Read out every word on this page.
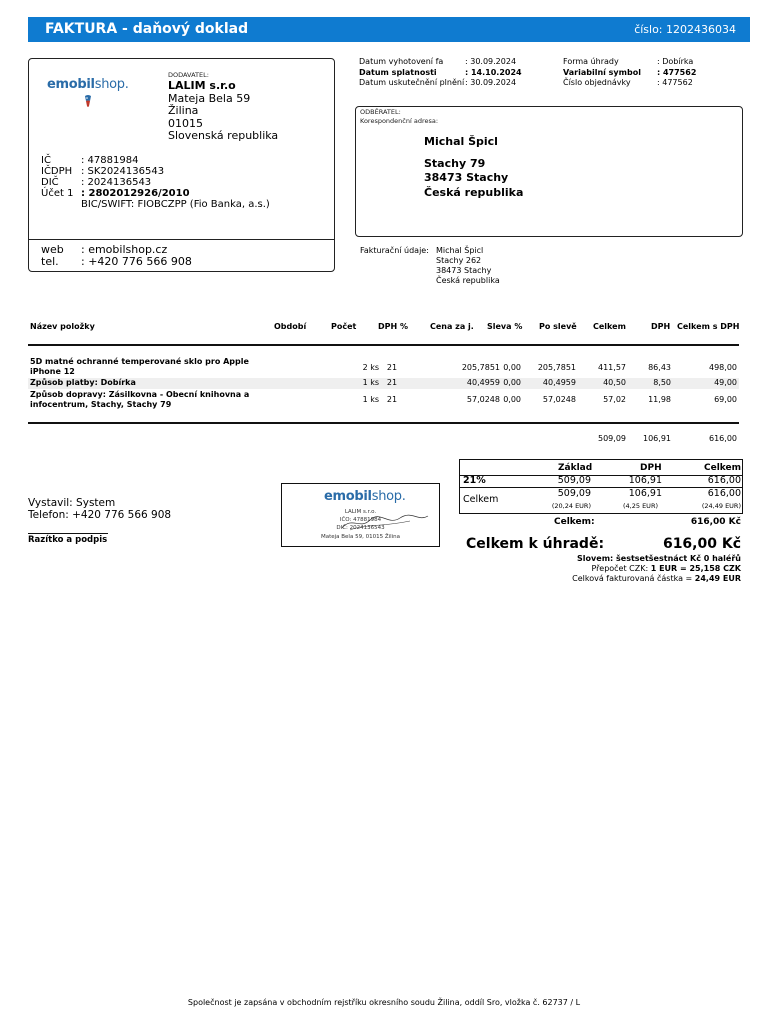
FAKTURA - daňový doklad	číslo: 1202436034
emobilshop.
DODAVATEL:
LALIM s.r.o
Mateja Bela 59
Žilina
01015
Slovenská republika
IČ	: 47881984
IČDPH : SK2024136543
DIČ : 2024136543
Účet 1 : 2802012926/2010
BIC/SWIFT: FIOBCZPP (Fio Banka, a.s.)
web : emobilshop.cz
tel. : +420 776 566 908
Datum vyhotovení fa	: 30.09.2024
Datum splatnosti	: 14.10.2024
Datum uskutečnění plnění: 30.09.2024
Forma úhrady	: Dobírka
Variabilní symbol : 477562
Číslo objednávky	: 477562
ODBĚRATEL:
Korespondenční adresa:
Michal Špicl
Stachy 79
38473 Stachy
Česká republika
Fakturační údaje: Michal Špicl
Stachy 262
38473 Stachy
Česká republika
Název položky	Období	Počet	DPH %	Cena za j. Sleva % Po slevě Celkem	DPH Celkem s DPH
5D matné ochranné temperované sklo pro Apple iPhone 12	2 ks 21	205,7851 0,00	205,7851	411,57	86,43	498,00
Způsob platby: Dobírka	1 ks 21	40,4959 0,00	40,4959	40,50	8,50	49,00
Způsob dopravy: Zásilkovna - Obecní knihovna a infocentrum, Stachy, Stachy 79
1 ks 21	57,0248 0,00	57,0248	57,02	11,98	69,00
509,09	106,91	616,00
Základ	DPH	Celkem
21%	509,09	106,91	616,00
Celkem
509,09	106,91	616,00
(20,24 EUR)	(4,25 EUR)	(24,49 EUR)
Celkem:	616,00 Kč
Celkem k úhradě:	616,00 Kč
Slovem: šestsetšestnáct Kč 0 haléřů
Přepočet CZK: 1 EUR = 25,158 CZK
Celková fakturovaná částka = 24,49 EUR
Vystavil: System
Telefon: +420 776 566 908
Razítko a podpis
emobilshop.
LALIM s.r.o.
IČO: 47881984
DIČ: 2024136543
Mateja Bela 59, 01015 Žilina
Společnost je zapsána v obchodním rejstříku okresního soudu Žilina, oddíl Sro, vložka č. 62737 / L
